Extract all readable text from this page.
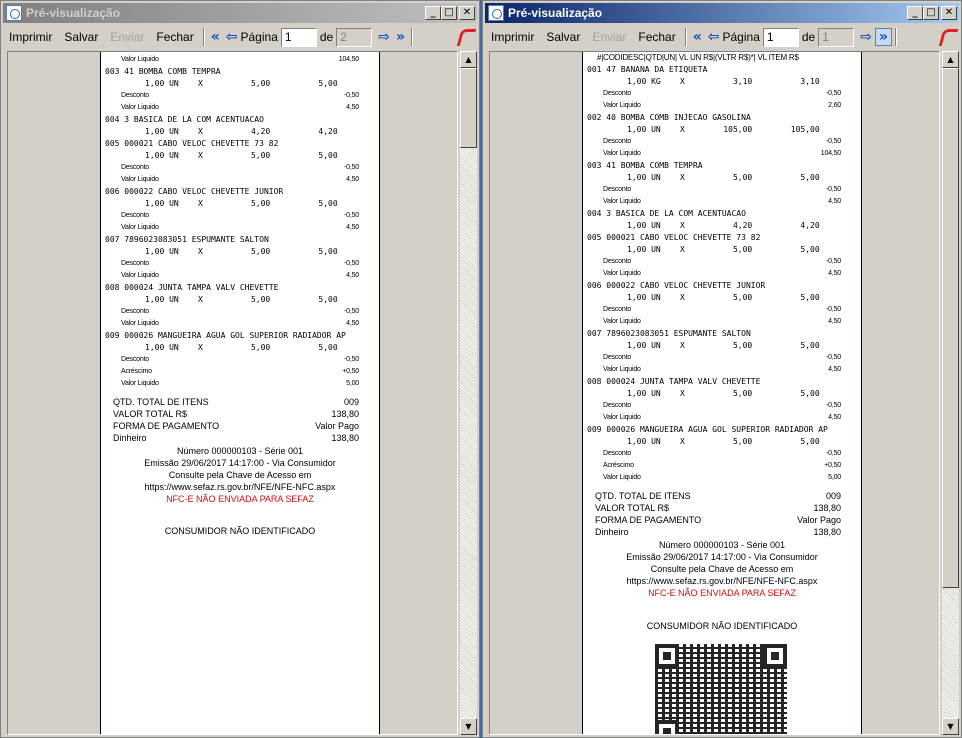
Pré-visualização	_ □ ✕
Imprimir	Salvar	Enviar	Fechar	« ⇦ Página 1	de 2	⇨ »
Valor Liquido	104,50
003 41 BOMBA COMB TEMPRA
1,00 UN    X          5,00          5,00
Desconto	-0,50
Valor Liquido	4,50
004 3 BASICA DE LA COM ACENTUACAO
1,00 UN    X          4,20          4,20
005 000021 CABO VELOC CHEVETTE 73 82
1,00 UN    X          5,00          5,00
Desconto	-0,50
Valor Liquido	4,50
006 000022 CABO VELOC CHEVETTE JUNIOR
1,00 UN    X          5,00          5,00
Desconto	-0,50
Valor Liquido	4,50
007 7896023083051 ESPUMANTE SALTON
1,00 UN    X          5,00          5,00
Desconto	-0,50
Valor Liquido	4,50
008 000024 JUNTA TAMPA VALV CHEVETTE
1,00 UN    X          5,00          5,00
Desconto	-0,50
Valor Liquido	4,50
009 000026 MANGUEIRA AGUA GOL SUPERIOR RADIADOR AP
1,00 UN    X          5,00          5,00
Desconto	-0,50
Acréscimo	+0,50
Valor Liquido	5,00
QTD. TOTAL DE ITENS	009
VALOR TOTAL R$	138,80
FORMA DE PAGAMENTO	Valor Pago
Dinheiro	138,80
Número 000000103 - Série 001
Emissão 29/06/2017 14:17:00 - Via Consumidor
Consulte pela Chave de Acesso em
https://www.sefaz.rs.gov.br/NFE/NFE-NFC.aspx
NFC-E NÃO ENVIADA PARA SEFAZ
CONSUMIDOR NÃO IDENTIFICADO
▲
▼
Pré-visualização	_ □ ✕
Imprimir	Salvar	Enviar	Fechar	« ⇦ Página 1	de 1	⇨ »
#|CODIDESC|QTD|UN| VL UN R$|(VLTR R$)*| VL ITEM R$
001 47 BANANA DA ETIQUETA
1,00 KG    X          3,10          3,10
Desconto	-0,50
Valor Liquido	2,60
002 40 BOMBA COMB INJECAO GASOLINA
1,00 UN    X        105,00        105,00
Desconto	-0,50
Valor Liquido	104,50
003 41 BOMBA COMB TEMPRA
1,00 UN    X          5,00          5,00
Desconto	-0,50
Valor Liquido	4,50
004 3 BASICA DE LA COM ACENTUACAO
1,00 UN    X          4,20          4,20
005 000021 CABO VELOC CHEVETTE 73 82
1,00 UN    X          5,00          5,00
Desconto	-0,50
Valor Liquido	4,50
006 000022 CABO VELOC CHEVETTE JUNIOR
1,00 UN    X          5,00          5,00
Desconto	-0,50
Valor Liquido	4,50
007 7896023083051 ESPUMANTE SALTON
1,00 UN    X          5,00          5,00
Desconto	-0,50
Valor Liquido	4,50
008 000024 JUNTA TAMPA VALV CHEVETTE
1,00 UN    X          5,00          5,00
Desconto	-0,50
Valor Liquido	4,50
009 000026 MANGUEIRA AGUA GOL SUPERIOR RADIADOR AP
1,00 UN    X          5,00          5,00
Desconto	-0,50
Acréscimo	+0,50
Valor Liquido	5,00
QTD. TOTAL DE ITENS	009
VALOR TOTAL R$	138,80
FORMA DE PAGAMENTO	Valor Pago
Dinheiro	138,80
Número 000000103 - Série 001
Emissão 29/06/2017 14:17:00 - Via Consumidor
Consulte pela Chave de Acesso em
https://www.sefaz.rs.gov.br/NFE/NFE-NFC.aspx
NFC-E NÃO ENVIADA PARA SEFAZ
CONSUMIDOR NÃO IDENTIFICADO
▲
▼
